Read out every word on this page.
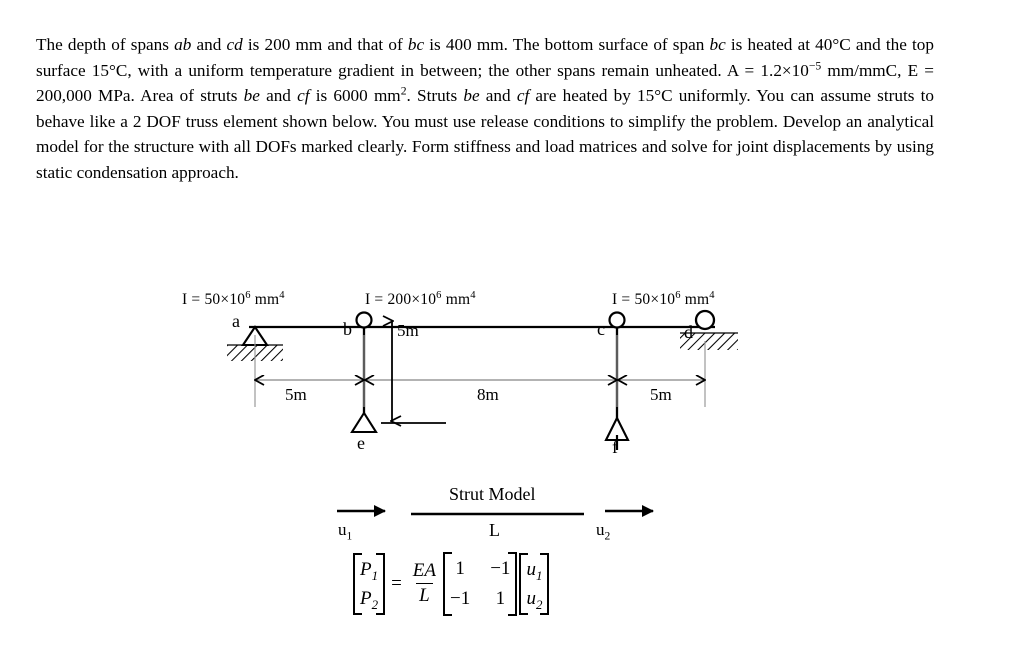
The depth of spans ab and cd is 200 mm and that of bc is 400 mm. The bottom surface of span bc is heated at 40°C and the top surface 15°C, with a uniform temperature gradient in between; the other spans remain unheated. $A = 1.2\times 10^{-5}$ mm/mmC, E = 200,000 MPa. Area of struts be and cf is 6000 $mm^2$. Struts be and cf are heated by 15°C uniformly. You can assume struts to behave like a 2 DOF truss element shown below. You must use release conditions to simplify the problem. Develop an analytical model for the structure with all DOFs marked clearly. Form stiffness and load matrices and solve for joint displacements by using static condensation approach.

$I = 50\times 10^6$ $mm^4$	$I = 200\times 10^6$ $mm^4$	$I = 50\times 10^6$ $mm^4$
a	b	c	d
e	f
5m	8m	5m
5m
Strut Model
$u_1$	$u_2$
L
$P_1$
$P_2$
= $\frac{EA}{L} 1 -1$
−1 1
$u_1$
$u_2$
